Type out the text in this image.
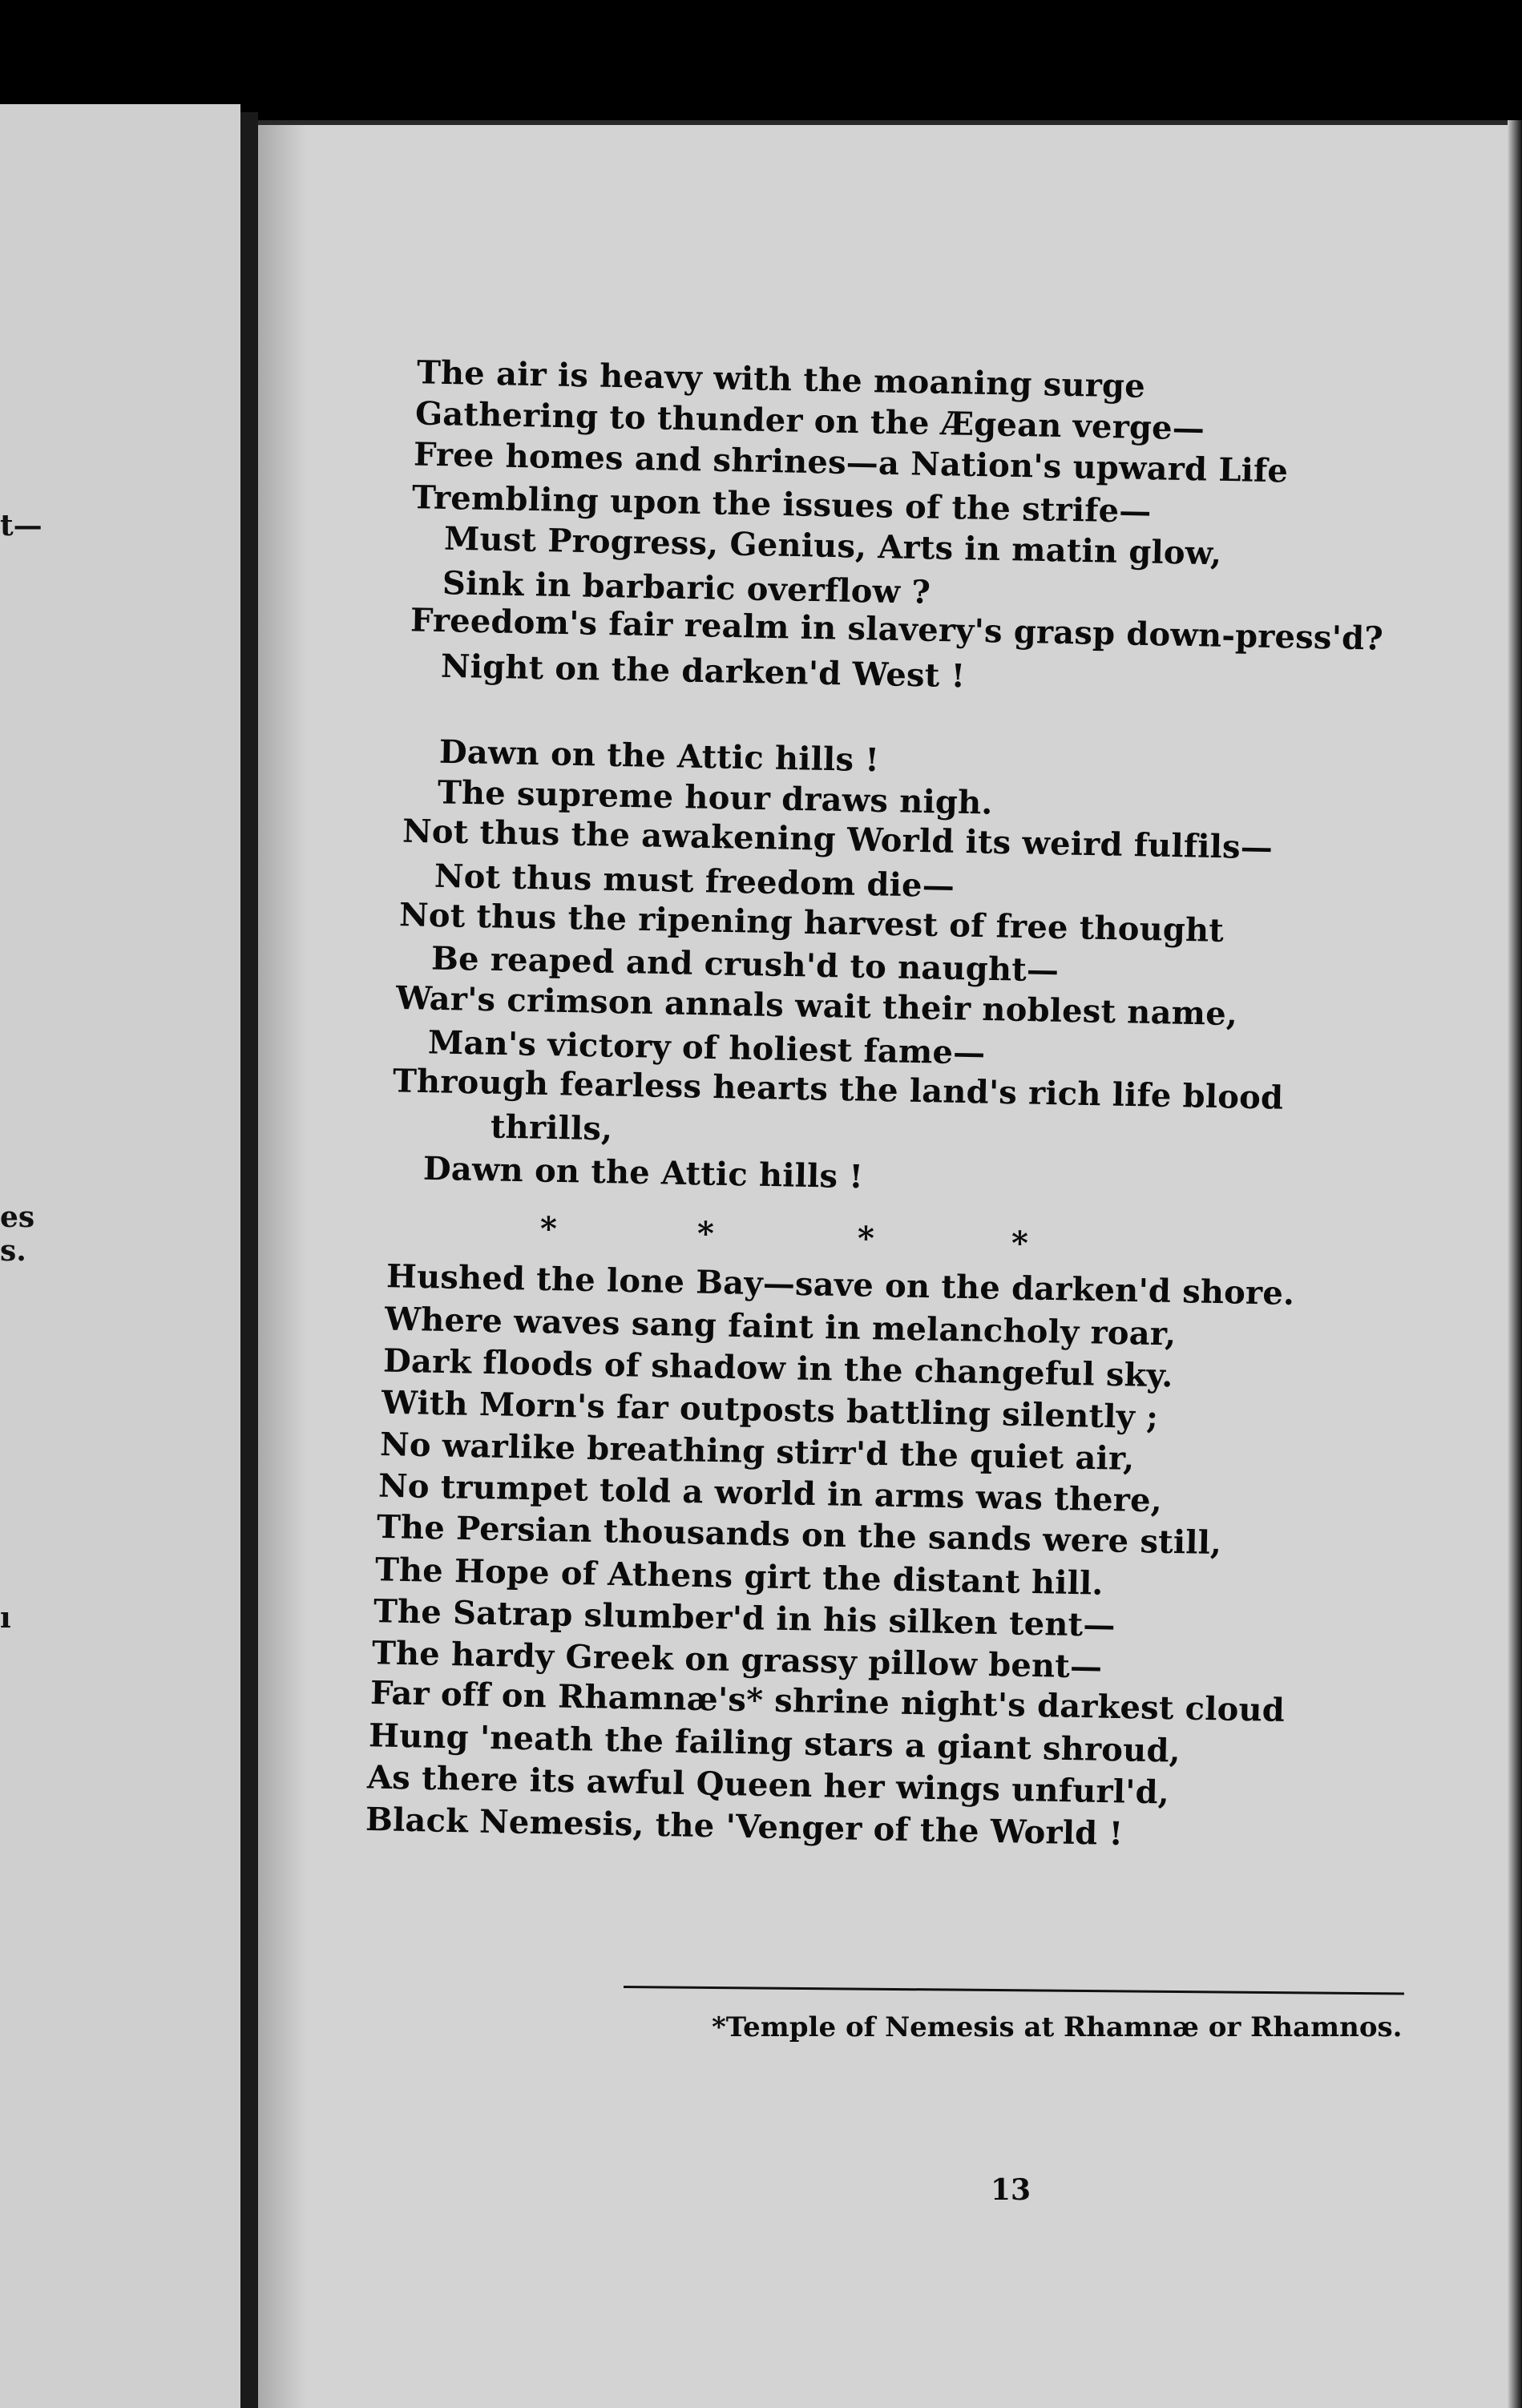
t—
es
s.
ı
The air is heavy with the moaning surge
Gathering to thunder on the Ægean verge—
Free homes and shrines—a Nation's upward Life
Trembling upon the issues of the strife—
Must Progress, Genius, Arts in matin glow,
Sink in barbaric overflow ?
Freedom's fair realm in slavery's grasp down-press'd?
Night on the darken'd West !
Dawn on the Attic hills !
The supreme hour draws nigh.
Not thus the awakening World its weird fulfils—
Not thus must freedom die—
Not thus the ripening harvest of free thought
Be reaped and crush'd to naught—
War's crimson annals wait their noblest name,
Man's victory of holiest fame—
Through fearless hearts the land's rich life blood
thrills,
Dawn on the Attic hills !
*	*	*	*
Hushed the lone Bay—save on the darken'd shore.
Where waves sang faint in melancholy roar,
Dark floods of shadow in the changeful sky.
With Morn's far outposts battling silently ;
No warlike breathing stirr'd the quiet air,
No trumpet told a world in arms was there,
The Persian thousands on the sands were still,
The Hope of Athens girt the distant hill.
The Satrap slumber'd in his silken tent—
The hardy Greek on grassy pillow bent—
Far off on Rhamnæ's* shrine night's darkest cloud
Hung 'neath the failing stars a giant shroud,
As there its awful Queen her wings unfurl'd,
Black Nemesis, the 'Venger of the World !
*Temple of Nemesis at Rhamnæ or Rhamnos.
13
